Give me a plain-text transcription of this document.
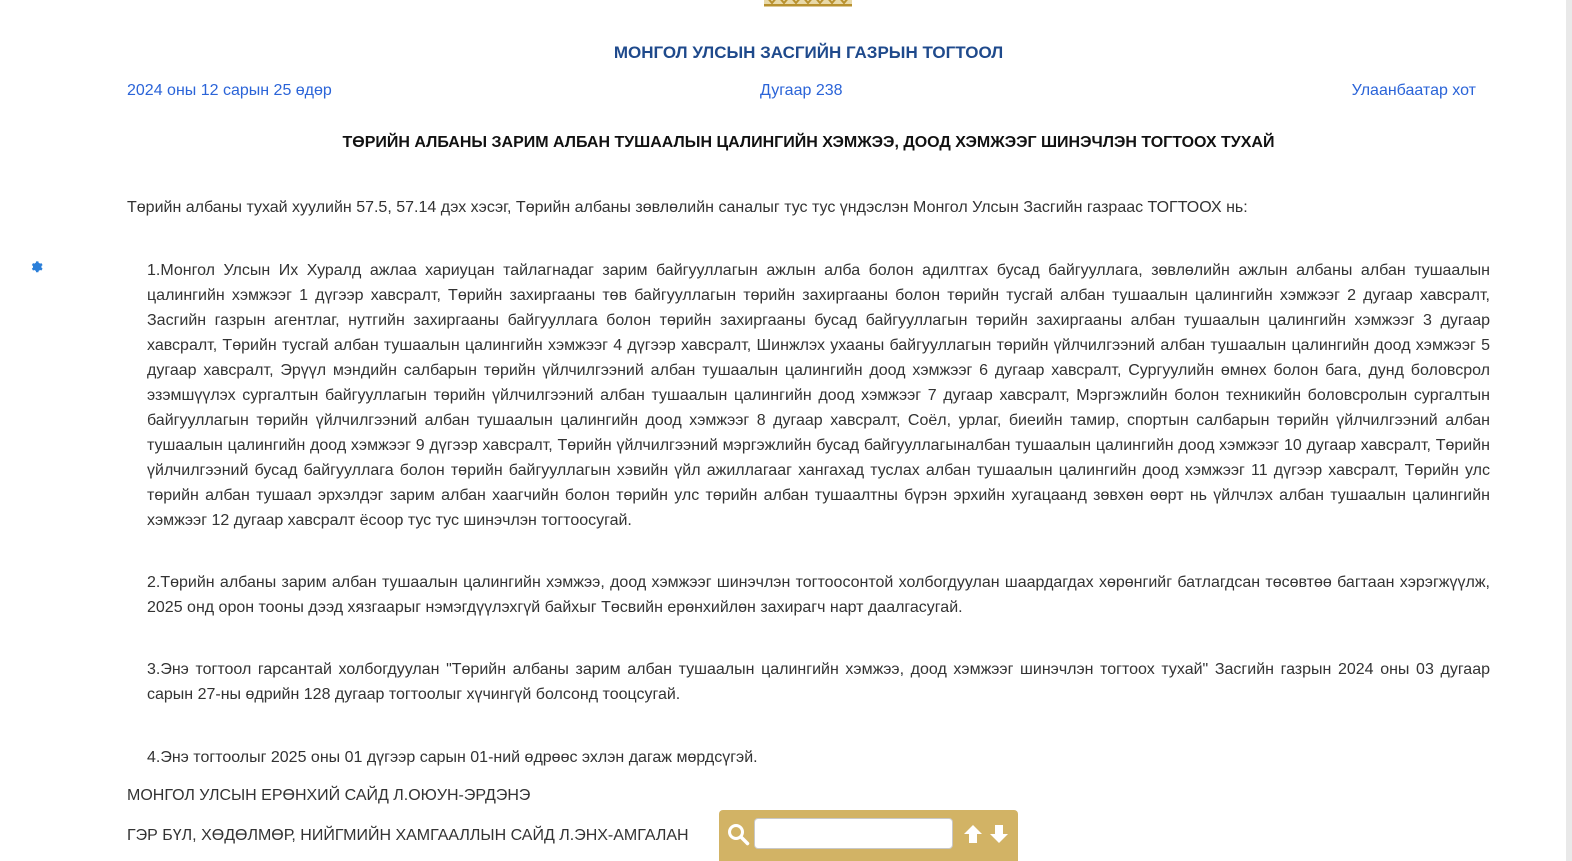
МОНГОЛ УЛСЫН ЗАСГИЙН ГАЗРЫН ТОГТООЛ
2024 оны 12 сарын 25 өдөр	Дугаар 238	Улаанбаатар хот
ТӨРИЙН АЛБАНЫ ЗАРИМ АЛБАН ТУШААЛЫН ЦАЛИНГИЙН ХЭМЖЭЭ, ДООД ХЭМЖЭЭГ ШИНЭЧЛЭН ТОГТООХ ТУХАЙ
Төрийн албаны тухай хуулийн 57.5, 57.14 дэх хэсэг, Төрийн албаны зөвлөлийн саналыг тус тус үндэслэн Монгол Улсын Засгийн газраас ТОГТООХ нь:
1.Монгол Улсын Их Хуралд ажлаа хариуцан тайлагнадаг зарим байгууллагын ажлын алба болон адилтгах бусад байгууллага, зөвлөлийн ажлын албаны албан тушаалын цалингийн хэмжээг 1 дүгээр хавсралт, Төрийн захиргааны төв байгууллагын төрийн захиргааны болон төрийн тусгай албан тушаалын цалингийн хэмжээг 2 дугаар хавсралт, Засгийн газрын агентлаг, нутгийн захиргааны байгууллага болон төрийн захиргааны бусад байгууллагын төрийн захиргааны албан тушаалын цалингийн хэмжээг 3 дугаар хавсралт, Төрийн тусгай албан тушаалын цалингийн хэмжээг 4 дүгээр хавсралт, Шинжлэх ухааны байгууллагын төрийн үйлчилгээний албан тушаалын цалингийн доод хэмжээг 5 дугаар хавсралт, Эрүүл мэндийн салбарын төрийн үйлчилгээний албан тушаалын цалингийн доод хэмжээг 6 дугаар хавсралт, Сургуулийн өмнөх болон бага, дунд боловсрол эзэмшүүлэх сургалтын байгууллагын төрийн үйлчилгээний албан тушаалын цалингийн доод хэмжээг 7 дугаар хавсралт, Мэргэжлийн болон техникийн боловсролын сургалтын байгууллагын төрийн үйлчилгээний албан тушаалын цалингийн доод хэмжээг 8 дугаар хавсралт, Соёл, урлаг, биеийн тамир, спортын салбарын төрийн үйлчилгээний албан тушаалын цалингийн доод хэмжээг 9 дүгээр хавсралт, Төрийн үйлчилгээний мэргэжлийн бусад байгууллагыналбан тушаалын цалингийн доод хэмжээг 10 дугаар хавсралт, Төрийн үйлчилгээний бусад байгууллага болон төрийн байгууллагын хэвийн үйл ажиллагааг хангахад туслах албан тушаалын цалингийн доод хэмжээг 11 дүгээр хавсралт, Төрийн улс төрийн албан тушаал эрхэлдэг зарим албан хаагчийн болон төрийн улс төрийн албан тушаалтны бүрэн эрхийн хугацаанд зөвхөн өөрт нь үйлчлэх албан тушаалын цалингийн хэмжээг 12 дугаар хавсралт ёсоор тус тус шинэчлэн тогтоосугай.
2.Төрийн албаны зарим албан тушаалын цалингийн хэмжээ, доод хэмжээг шинэчлэн тогтоосонтой холбогдуулан шаардагдах хөрөнгийг батлагдсан төсөвтөө багтаан хэрэгжүүлж, 2025 онд орон тооны дээд хязгаарыг нэмэгдүүлэхгүй байхыг Төсвийн ерөнхийлөн захирагч нарт даалгасугай.
3.Энэ тогтоол гарсантай холбогдуулан "Төрийн албаны зарим албан тушаалын цалингийн хэмжээ, доод хэмжээг шинэчлэн тогтоох тухай" Засгийн газрын 2024 оны 03 дугаар сарын 27-ны өдрийн 128 дугаар тогтоолыг хүчингүй болсонд тооцсугай.
4.Энэ тогтоолыг 2025 оны 01 дүгээр сарын 01-ний өдрөөс эхлэн дагаж мөрдсүгэй.
МОНГОЛ УЛСЫН ЕРӨНХИЙ САЙД Л.ОЮУН-ЭРДЭНЭ
ГЭР БҮЛ, ХӨДӨЛМӨР, НИЙГМИЙН ХАМГААЛЛЫН САЙД Л.ЭНХ-АМГАЛАН
